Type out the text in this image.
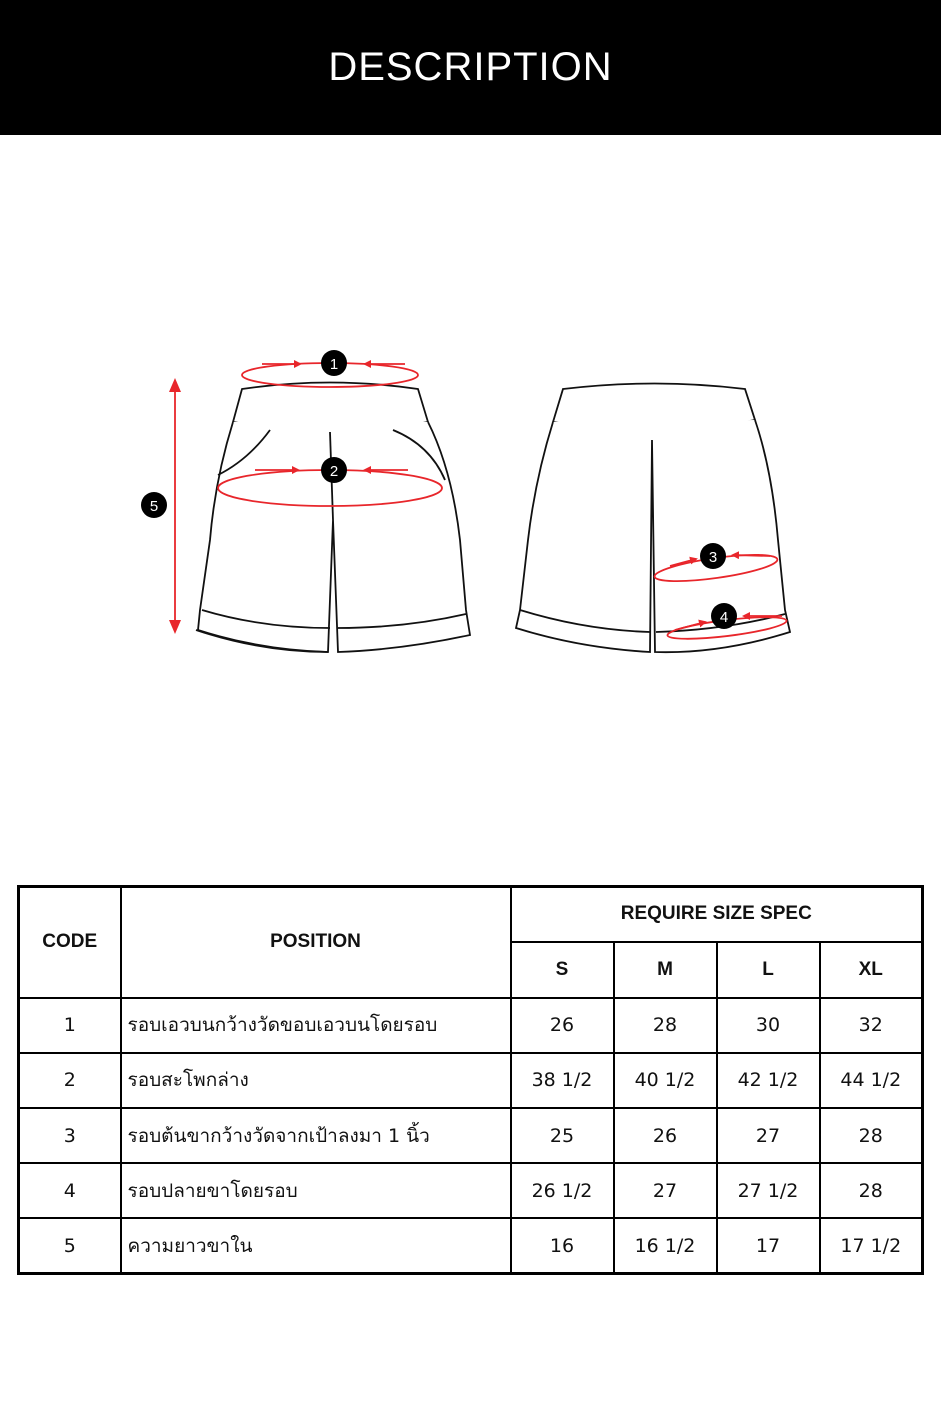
DESCRIPTION
1
2
3
4
5
CODE	POSITION	REQUIRE SIZE SPEC			
		S	M	L	XL
1	รอบเอวบนกว้างวัดขอบเอวบนโดยรอบ	26	28	30	32
2	รอบสะโพกล่าง	38 1/2	40 1/2	42 1/2	44 1/2
3	รอบต้นขากว้างวัดจากเป้าลงมา 1 นิ้ว	25	26	27	28
4	รอบปลายขาโดยรอบ	26 1/2	27	27 1/2	28
5	ความยาวขาใน	16	16 1/2	17	17 1/2
